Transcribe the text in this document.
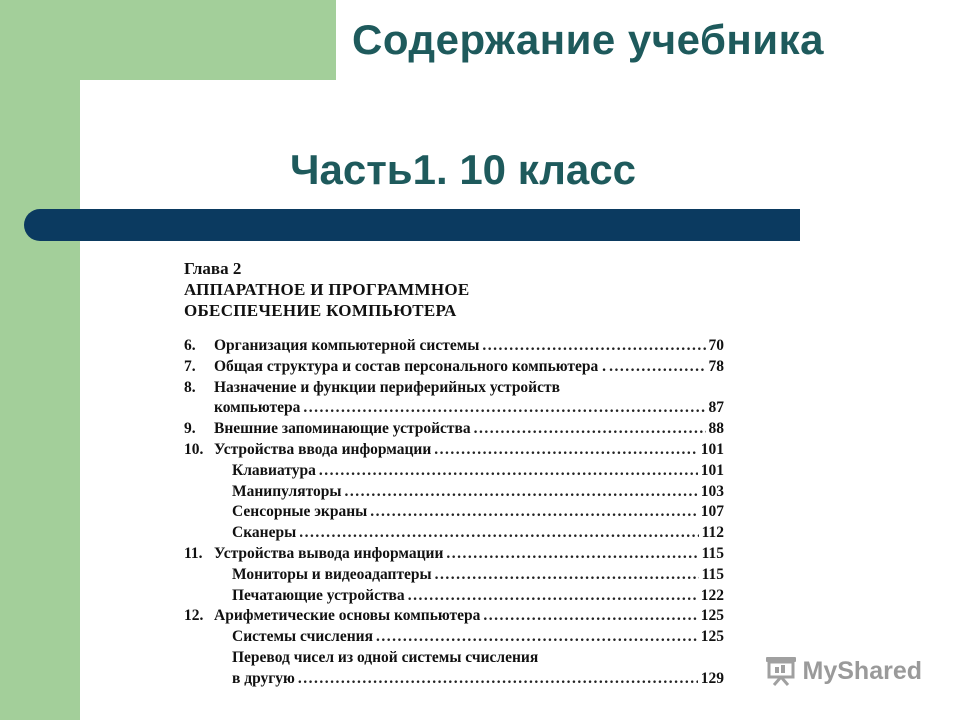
Содержание учебника
Часть1. 10 класс

Глава 2

АППАРАТНОЕ И ПРОГРАММНОЕ

ОБЕСПЕЧЕНИЕ КОМПЬЮТЕРА

6.	Организация компьютерной системы .....	70
7.	Общая структура и состав персонального компьютера . .....	78
8.	Назначение и функции периферийных устройств
компьютера .....	87
9.	Внешние запоминающие устройства .....	88
10. Устройства ввода информации .....	101
Клавиатура .....	101
Манипуляторы .....	103
Сенсорные экраны .....	107
Сканеры .....	112
11. Устройства вывода информации .....	115
Мониторы и видеоадаптеры .....	115
Печатающие устройства .....	122
12. Арифметические основы компьютера .....	125
Системы счисления .....	125
Перевод чисел из одной системы счисления
в другую .....	129	MyShared
